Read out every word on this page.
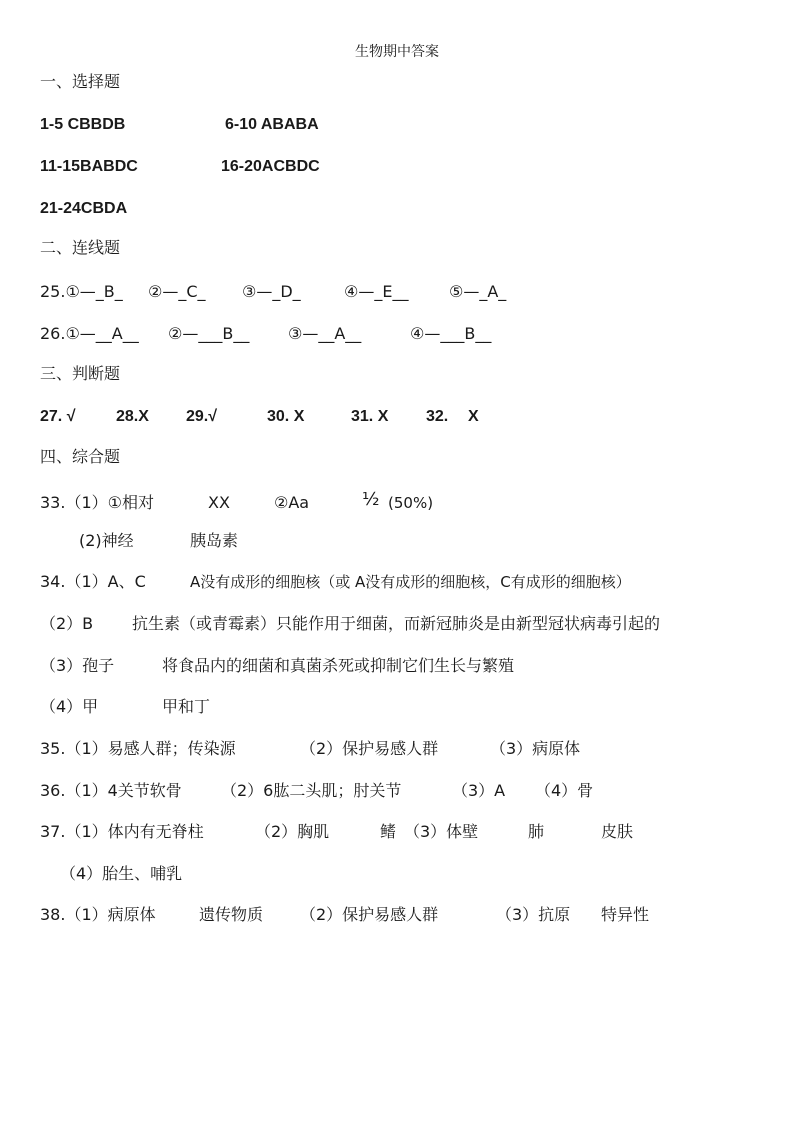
生物期中答案
一、选择题
1-5 CBBDB	6-10 ABABA
11-15BABDC	16-20ACBDC
21-24CBDA
二、连线题
25.①—_B_ ②—_C_ ③—_D_	④—_E__	⑤—_A_
26.①—__A__ ②—___B__ ③—__A__	④—___B__
三、判断题
27. √	28.X 29.√	30. X	31. X 32. X
四、综合题
33.（1）①相对	XX	②Aa	½ (50%)
(2)神经	胰岛素
34.（1）A、C	A没有成形的细胞核（或 A没有成形的细胞核，C有成形的细胞核）
（2）B 抗生素（或青霉素）只能作用于细菌，而新冠肺炎是由新型冠状病毒引起的
（3）孢子	将食品内的细菌和真菌杀死或抑制它们生长与繁殖
（4）甲	甲和丁
35.（1）易感人群；传染源	（2）保护易感人群	（3）病原体
36.（1）4关节软骨 （2）6肱二头肌；肘关节	（3）A （4）骨
37.（1）体内有无脊柱	（2）胸肌	鳍 （3）体壁	肺	皮肤
（4）胎生、哺乳
38.（1）病原体	遗传物质 （2）保护易感人群	（3）抗原 特异性
